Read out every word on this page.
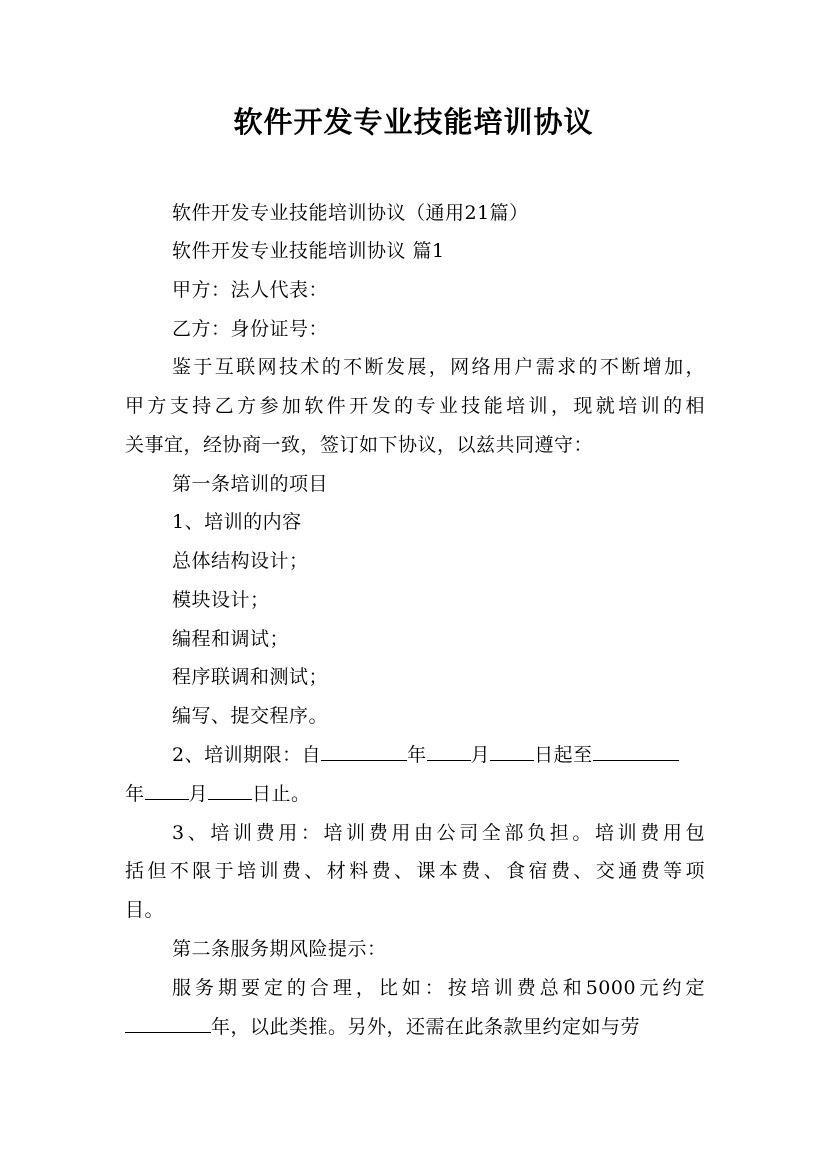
软件开发专业技能培训协议

软件开发专业技能培训协议（通用21篇）

软件开发专业技能培训协议 篇1

甲方：法人代表：

乙方：身份证号：

鉴于互联网技术的不断发展，网络用户需求的不断增加，

甲方支持乙方参加软件开发的专业技能培训，现就培训的相

关事宜，经协商一致，签订如下协议，以兹共同遵守：

第一条培训的项目

1、培训的内容

总体结构设计；

模块设计；

编程和调试；

程序联调和测试；

编写、提交程序。

2、培训期限：自	年 月 日起至

年 月 日止。

3、培训费用：培训费用由公司全部负担。培训费用包

括但不限于培训费、材料费、课本费、食宿费、交通费等项

目。

第二条服务期风险提示：

服务期要定的合理，比如：按培训费总和5000元约定

年，以此类推。另外，还需在此条款里约定如与劳
